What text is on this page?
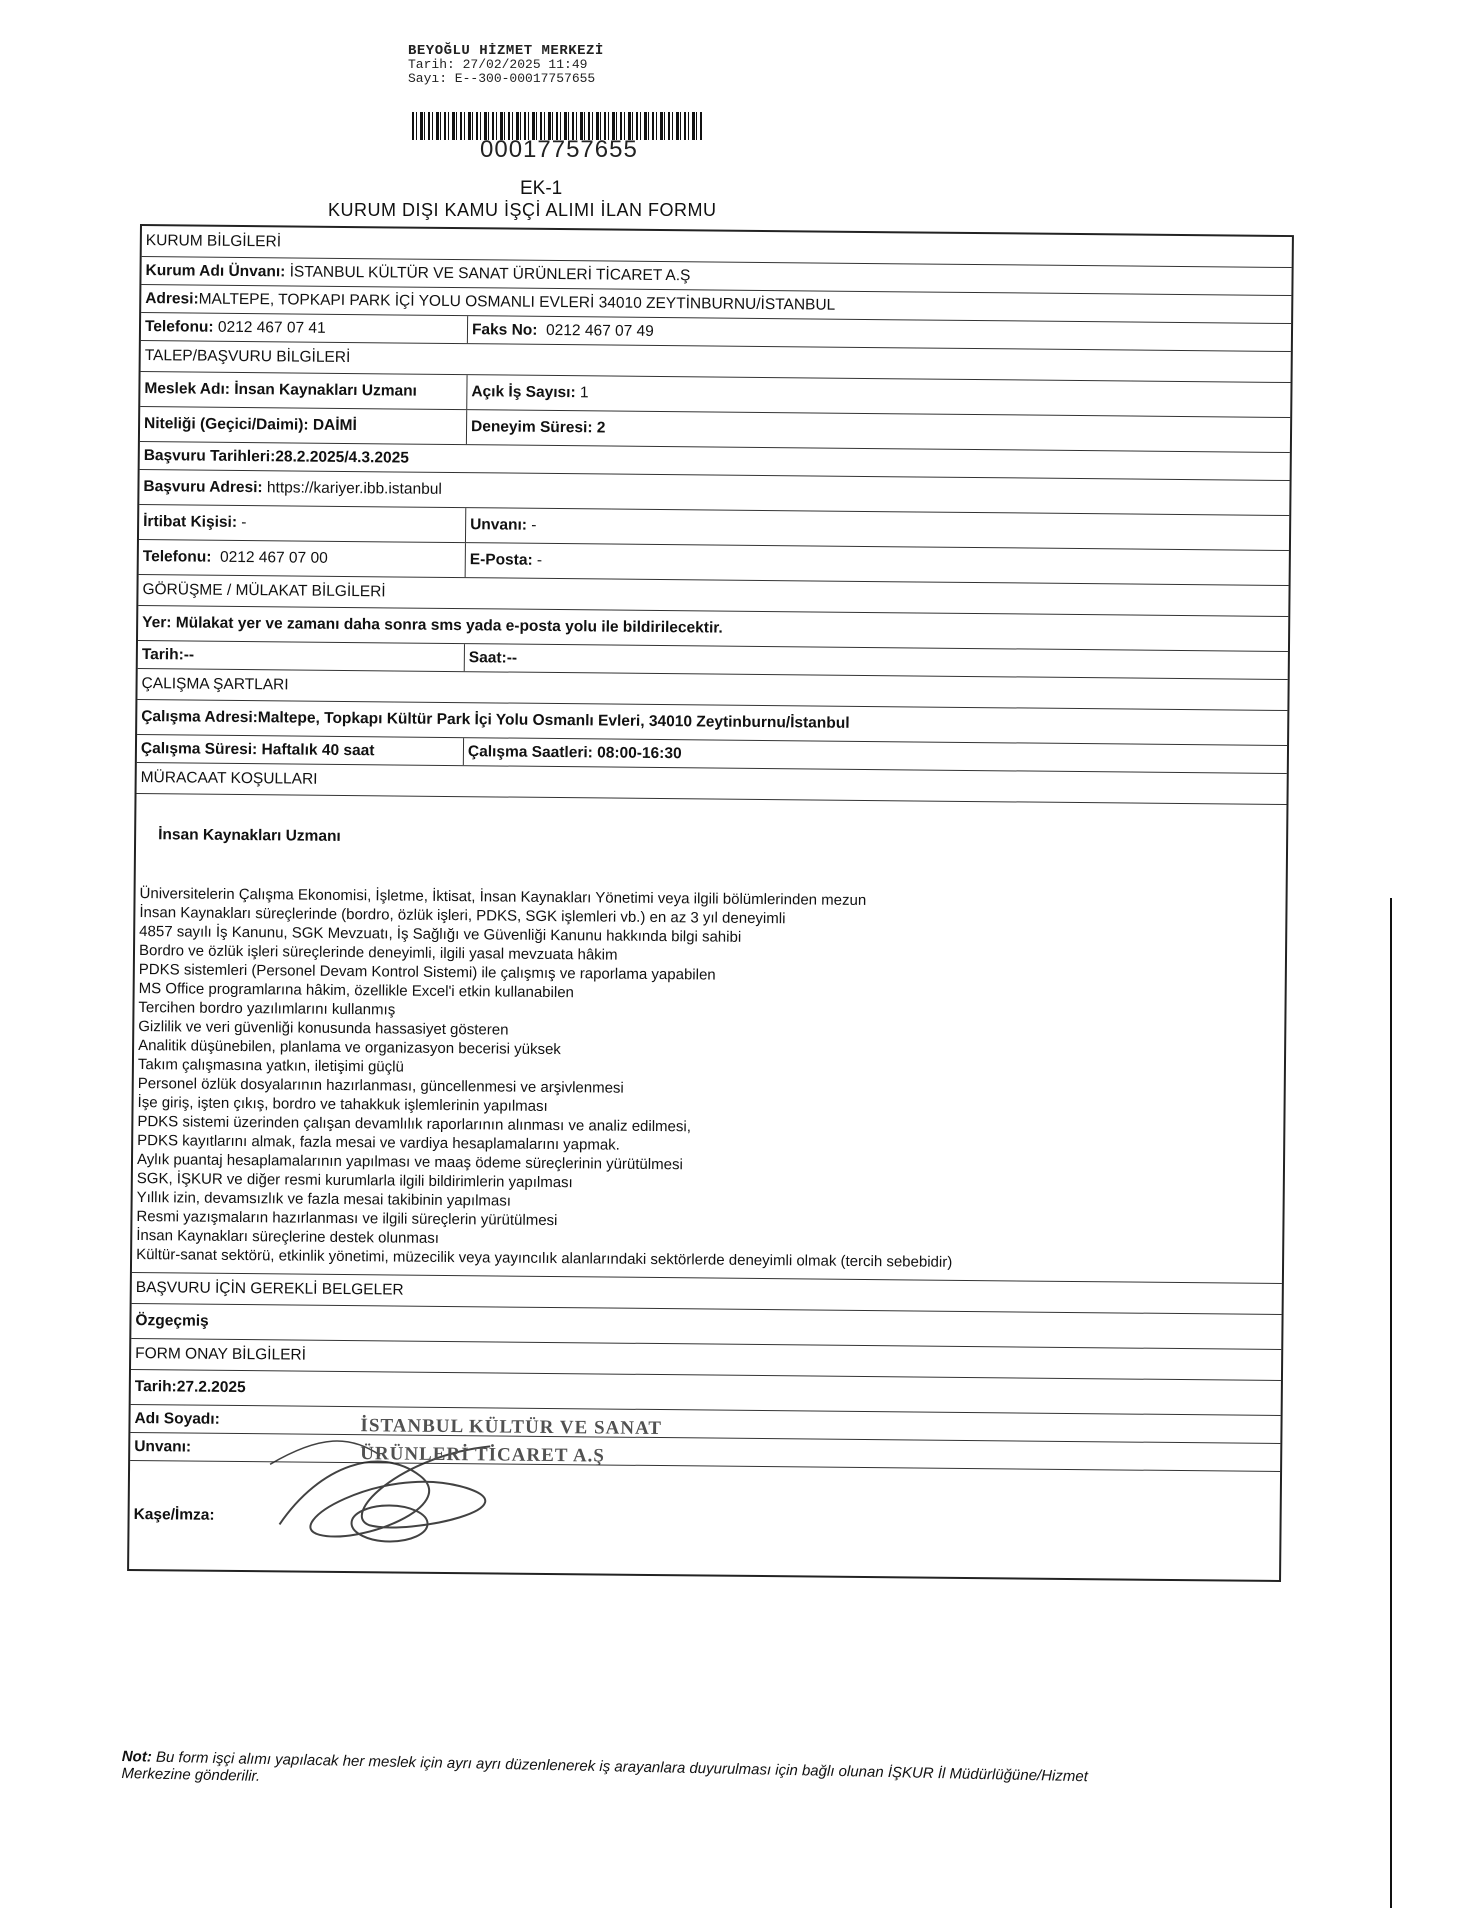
BEYOĞLU HİZMET MERKEZİ
Tarih: 27/02/2025 11:49
Sayı: E--300-00017757655
00017757655
EK-1
KURUM DIŞI KAMU İŞÇİ ALIMI İLAN FORMU
KURUM BİLGİLERİ
Kurum Adı Ünvanı: İSTANBUL KÜLTÜR VE SANAT ÜRÜNLERİ TİCARET A.Ş
Adresi:MALTEPE, TOPKAPI PARK İÇİ YOLU OSMANLI EVLERİ 34010 ZEYTİNBURNU/İSTANBUL
Telefonu:
0212 467 07 41	Faks No: 0212 467 07 49
TALEP/BAŞVURU BİLGİLERİ
Meslek Adı:
İnsan Kaynakları Uzmanı	Açık İş Sayısı: 1
Niteliği (Geçici/Daimi):
DAİMİ	Deneyim Süresi: 2
Başvuru Tarihleri:28.2.2025/4.3.2025
Başvuru Adresi: https://kariyer.ibb.istanbul
İrtibat Kişisi:
-	Unvanı: -
Telefonu:
0212 467 07 00	E-Posta: -
GÖRÜŞME / MÜLAKAT BİLGİLERİ
Yer: Mülakat yer ve zamanı daha sonra sms yada e-posta yolu ile bildirilecektir.
Tarih:--	Saat:--
ÇALIŞMA ŞARTLARI
Çalışma Adresi:Maltepe, Topkapı Kültür Park İçi Yolu Osmanlı Evleri, 34010 Zeytinburnu/İstanbul
Çalışma Süresi: Haftalık 40 saat	Çalışma Saatleri: 08:00-16:30
MÜRACAAT KOŞULLARI
İnsan Kaynakları Uzmanı
Üniversitelerin Çalışma Ekonomisi, İşletme, İktisat, İnsan Kaynakları Yönetimi veya ilgili bölümlerinden mezun
İnsan Kaynakları süreçlerinde (bordro, özlük işleri, PDKS, SGK işlemleri vb.) en az 3 yıl deneyimli
4857 sayılı İş Kanunu, SGK Mevzuatı, İş Sağlığı ve Güvenliği Kanunu hakkında bilgi sahibi
Bordro ve özlük işleri süreçlerinde deneyimli, ilgili yasal mevzuata hâkim
PDKS sistemleri (Personel Devam Kontrol Sistemi) ile çalışmış ve raporlama yapabilen
MS Office programlarına hâkim, özellikle Excel'i etkin kullanabilen
Tercihen bordro yazılımlarını kullanmış
Gizlilik ve veri güvenliği konusunda hassasiyet gösteren
Analitik düşünebilen, planlama ve organizasyon becerisi yüksek
Takım çalışmasına yatkın, iletişimi güçlü
Personel özlük dosyalarının hazırlanması, güncellenmesi ve arşivlenmesi
İşe giriş, işten çıkış, bordro ve tahakkuk işlemlerinin yapılması
PDKS sistemi üzerinden çalışan devamlılık raporlarının alınması ve analiz edilmesi,
PDKS kayıtlarını almak, fazla mesai ve vardiya hesaplamalarını yapmak.
Aylık puantaj hesaplamalarının yapılması ve maaş ödeme süreçlerinin yürütülmesi
SGK, İŞKUR ve diğer resmi kurumlarla ilgili bildirimlerin yapılması
Yıllık izin, devamsızlık ve fazla mesai takibinin yapılması
Resmi yazışmaların hazırlanması ve ilgili süreçlerin yürütülmesi
İnsan Kaynakları süreçlerine destek olunması
Kültür-sanat sektörü, etkinlik yönetimi, müzecilik veya yayıncılık alanlarındaki sektörlerde deneyimli olmak (tercih sebebidir)
BAŞVURU İÇİN GEREKLİ BELGELER
Özgeçmiş
FORM ONAY BİLGİLERİ
Tarih:27.2.2025
Adı Soyadı:
Unvanı:
Kaşe/İmza:
İSTANBUL KÜLTÜR VE SANAT
ÜRÜNLERİ TİCARET A.Ş
Not: Bu form işçi alımı yapılacak her meslek için ayrı ayrı düzenlenerek iş arayanlara duyurulması için bağlı olunan İŞKUR İl Müdürlüğüne/Hizmet Merkezine gönderilir.
